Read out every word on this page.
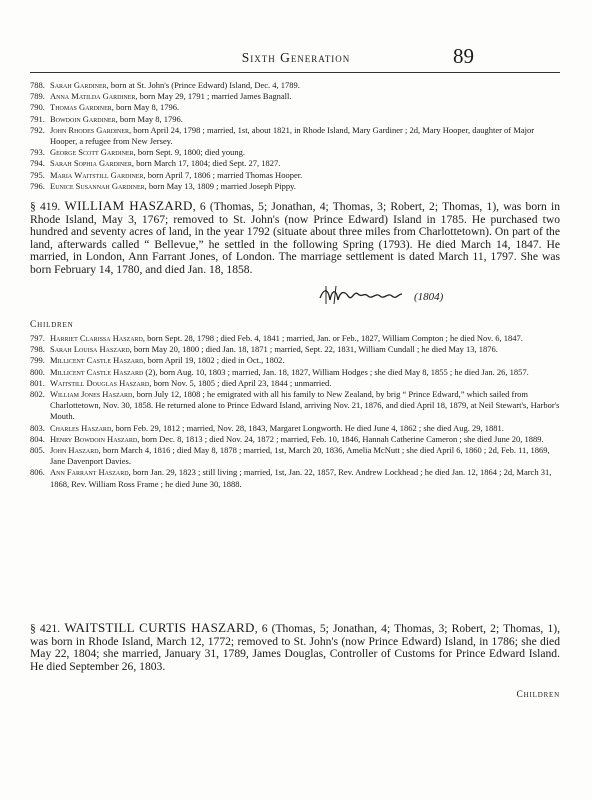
Sixth Generation	89
788. Sarah Gardiner, born at St. John's (Prince Edward) Island, Dec. 4, 1789.
789. Anna Matilda Gardiner, born May 29, 1791 ; married James Bagnall.
790. Thomas Gardiner, born May 8, 1796.
791. Bowdoin Gardiner, born May 8, 1796.
792. John Rhodes Gardiner, born April 24, 1798 ; married, 1st, about 1821, in Rhode Island, Mary Gardiner ; 2d, Mary Hooper, daughter of Major Hooper, a refugee from New Jersey.
793. George Scott Gardiner, born Sept. 9, 1800; died young.
794. Sarah Sophia Gardiner, born March 17, 1804; died Sept. 27, 1827.
795. Maria Waitstill Gardiner, born April 7, 1806 ; married Thomas Hooper.
796. Eunice Susannah Gardiner, born May 13, 1809 ; married Joseph Pippy.

§ 419. WILLIAM HASZARD, 6 (Thomas, 5; Jonathan, 4; Thomas, 3; Robert, 2; Thomas, 1), was born in Rhode Island, May 3, 1767; removed to St. John's (now Prince Edward) Island in 1785. He purchased two hundred and seventy acres of land, in the year 1792 (situate about three miles from Charlottetown). On part of the land, afterwards called “ Bellevue,” he settled in the following Spring (1793). He died March 14, 1847. He married, in London, Ann Farrant Jones, of London. The marriage settlement is dated March 11, 1797. She was born February 14, 1780, and died Jan. 18, 1858.

(1804)
Children
797. Harriet Clarissa Haszard, born Sept. 28, 1798 ; died Feb. 4, 1841 ; married, Jan. or Feb., 1827, William Compton ; he died Nov. 6, 1847.
798. Sarah Louisa Haszard, born May 20, 1800 ; died Jan. 18, 1871 ; married, Sept. 22, 1831, William Cundall ; he died May 13, 1876.
799. Millicent Castle Haszard, born April 19, 1802 ; died in Oct., 1802.
800. Millicent Castle Haszard (2), born Aug. 10, 1803 ; married, Jan. 18, 1827, William Hodges ; she died May 8, 1855 ; he died Jan. 26, 1857.
801. Waitstill Douglas Haszard, born Nov. 5, 1805 ; died April 23, 1844 ; unmarried.
802. William Jones Haszard, born July 12, 1808 ; he emigrated with all his family to New Zealand, by brig “ Prince Edward,” which sailed from Charlottetown, Nov. 30, 1858. He returned alone to Prince Edward Island, arriving Nov. 21, 1876, and died April 18, 1879, at Neil Stewart's, Harbor's Mouth.
803. Charles Haszard, born Feb. 29, 1812 ; married, Nov. 28, 1843, Margaret Longworth. He died June 4, 1862 ; she died Aug. 29, 1881.
804. Henry Bowdoin Haszard, born Dec. 8, 1813 ; died Nov. 24, 1872 ; married, Feb. 10, 1846, Hannah Catherine Cameron ; she died June 20, 1889.
805. John Haszard, born March 4, 1816 ; died May 8, 1878 ; married, 1st, March 20, 1836, Amelia McNutt ; she died April 6, 1860 ; 2d, Feb. 11, 1869, Jane Davenport Davies.
806. Ann Farrant Haszard, born Jan. 29, 1823 ; still living ; married, 1st, Jan. 22, 1857, Rev. Andrew Lockhead ; he died Jan. 12, 1864 ; 2d, March 31, 1868, Rev. William Ross Frame ; he died June 30, 1888.

§ 421. WAITSTILL CURTIS HASZARD, 6 (Thomas, 5; Jonathan, 4; Thomas, 3; Robert, 2; Thomas, 1), was born in Rhode Island, March 12, 1772; removed to St. John's (now Prince Edward) Island, in 1786; she died May 22, 1804; she married, January 31, 1789, James Douglas, Controller of Customs for Prince Edward Island. He died September 26, 1803.

Children
